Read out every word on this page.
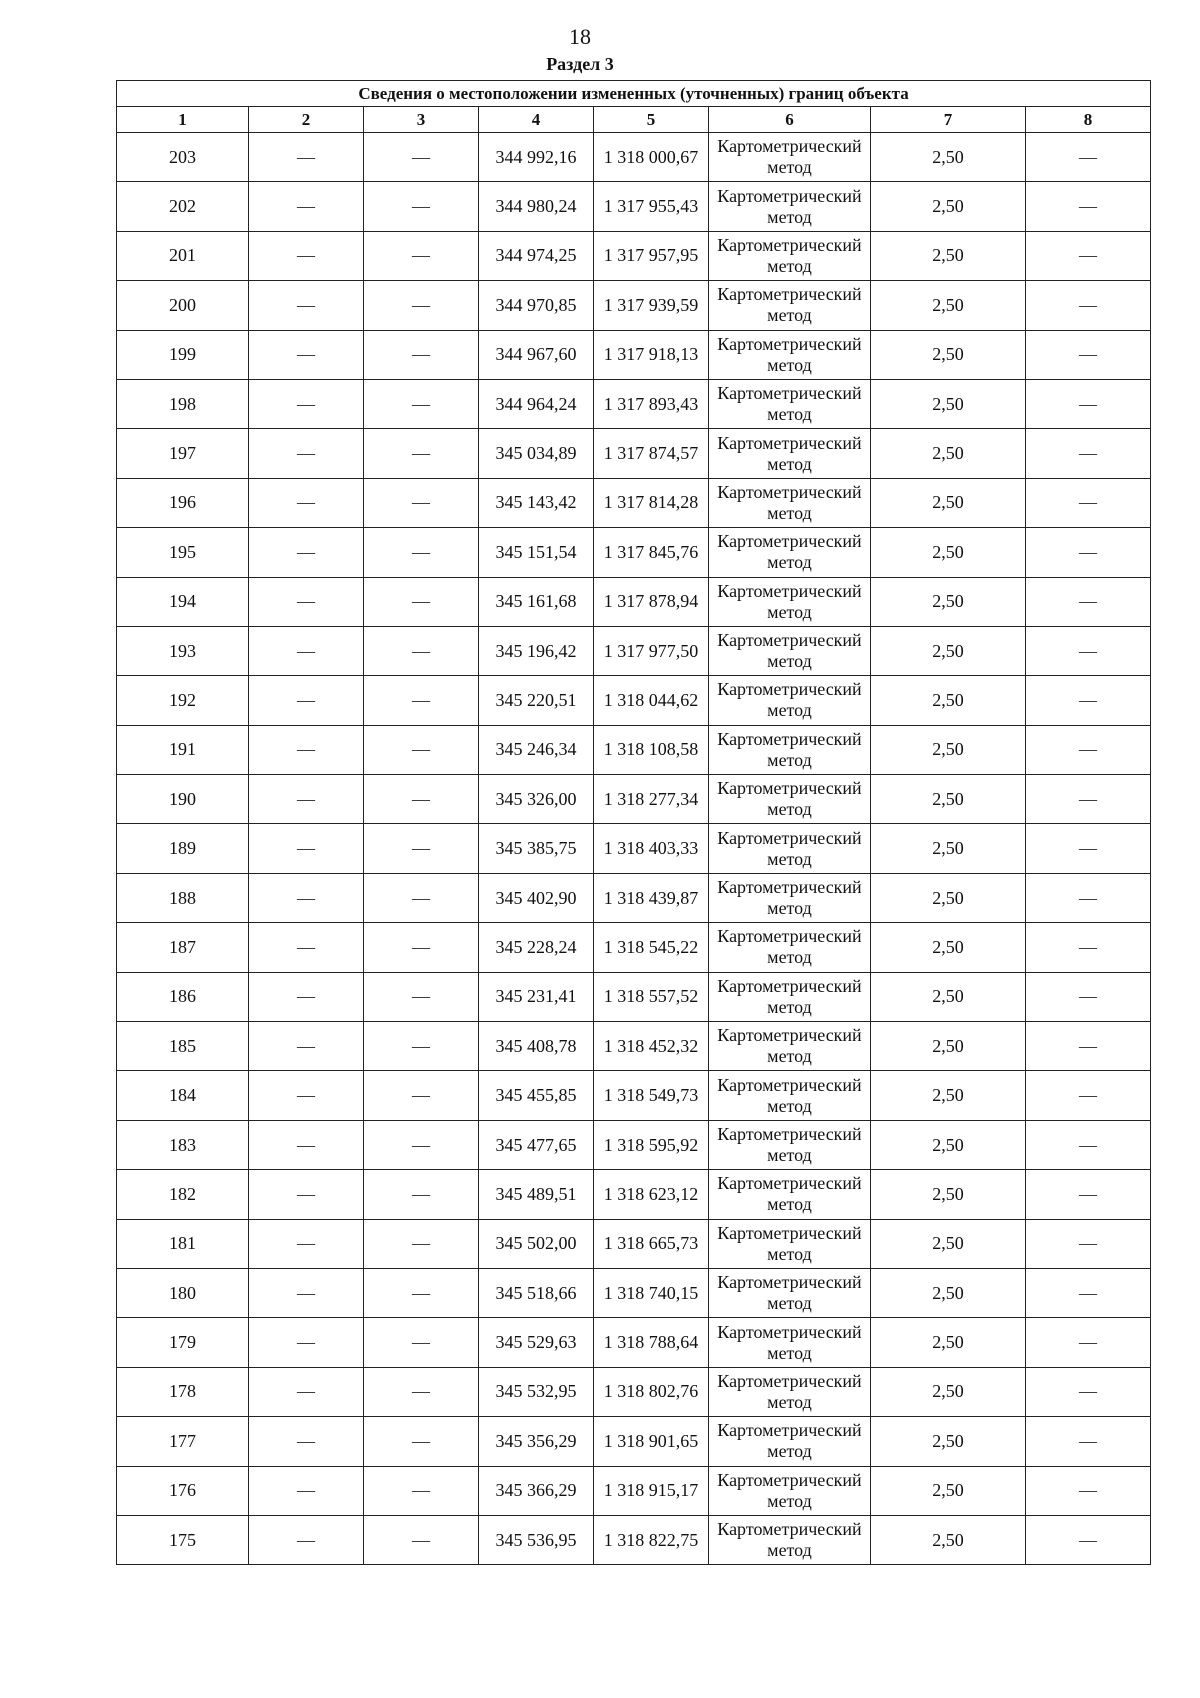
18
Раздел 3
Сведения о местоположении измененных (уточненных) границ объекта							
1	2	3	4	5	6	7	8
203	—	—	344 992,16	1 318 000,67	Картометрический метод	2,50	—
202	—	—	344 980,24	1 317 955,43	Картометрический метод	2,50	—
201	—	—	344 974,25	1 317 957,95	Картометрический метод	2,50	—
200	—	—	344 970,85	1 317 939,59	Картометрический метод	2,50	—
199	—	—	344 967,60	1 317 918,13	Картометрический метод	2,50	—
198	—	—	344 964,24	1 317 893,43	Картометрический метод	2,50	—
197	—	—	345 034,89	1 317 874,57	Картометрический метод	2,50	—
196	—	—	345 143,42	1 317 814,28	Картометрический метод	2,50	—
195	—	—	345 151,54	1 317 845,76	Картометрический метод	2,50	—
194	—	—	345 161,68	1 317 878,94	Картометрический метод	2,50	—
193	—	—	345 196,42	1 317 977,50	Картометрический метод	2,50	—
192	—	—	345 220,51	1 318 044,62	Картометрический метод	2,50	—
191	—	—	345 246,34	1 318 108,58	Картометрический метод	2,50	—
190	—	—	345 326,00	1 318 277,34	Картометрический метод	2,50	—
189	—	—	345 385,75	1 318 403,33	Картометрический метод	2,50	—
188	—	—	345 402,90	1 318 439,87	Картометрический метод	2,50	—
187	—	—	345 228,24	1 318 545,22	Картометрический метод	2,50	—
186	—	—	345 231,41	1 318 557,52	Картометрический метод	2,50	—
185	—	—	345 408,78	1 318 452,32	Картометрический метод	2,50	—
184	—	—	345 455,85	1 318 549,73	Картометрический метод	2,50	—
183	—	—	345 477,65	1 318 595,92	Картометрический метод	2,50	—
182	—	—	345 489,51	1 318 623,12	Картометрический метод	2,50	—
181	—	—	345 502,00	1 318 665,73	Картометрический метод	2,50	—
180	—	—	345 518,66	1 318 740,15	Картометрический метод	2,50	—
179	—	—	345 529,63	1 318 788,64	Картометрический метод	2,50	—
178	—	—	345 532,95	1 318 802,76	Картометрический метод	2,50	—
177	—	—	345 356,29	1 318 901,65	Картометрический метод	2,50	—
176	—	—	345 366,29	1 318 915,17	Картометрический метод	2,50	—
175	—	—	345 536,95	1 318 822,75	Картометрический метод	2,50	—
